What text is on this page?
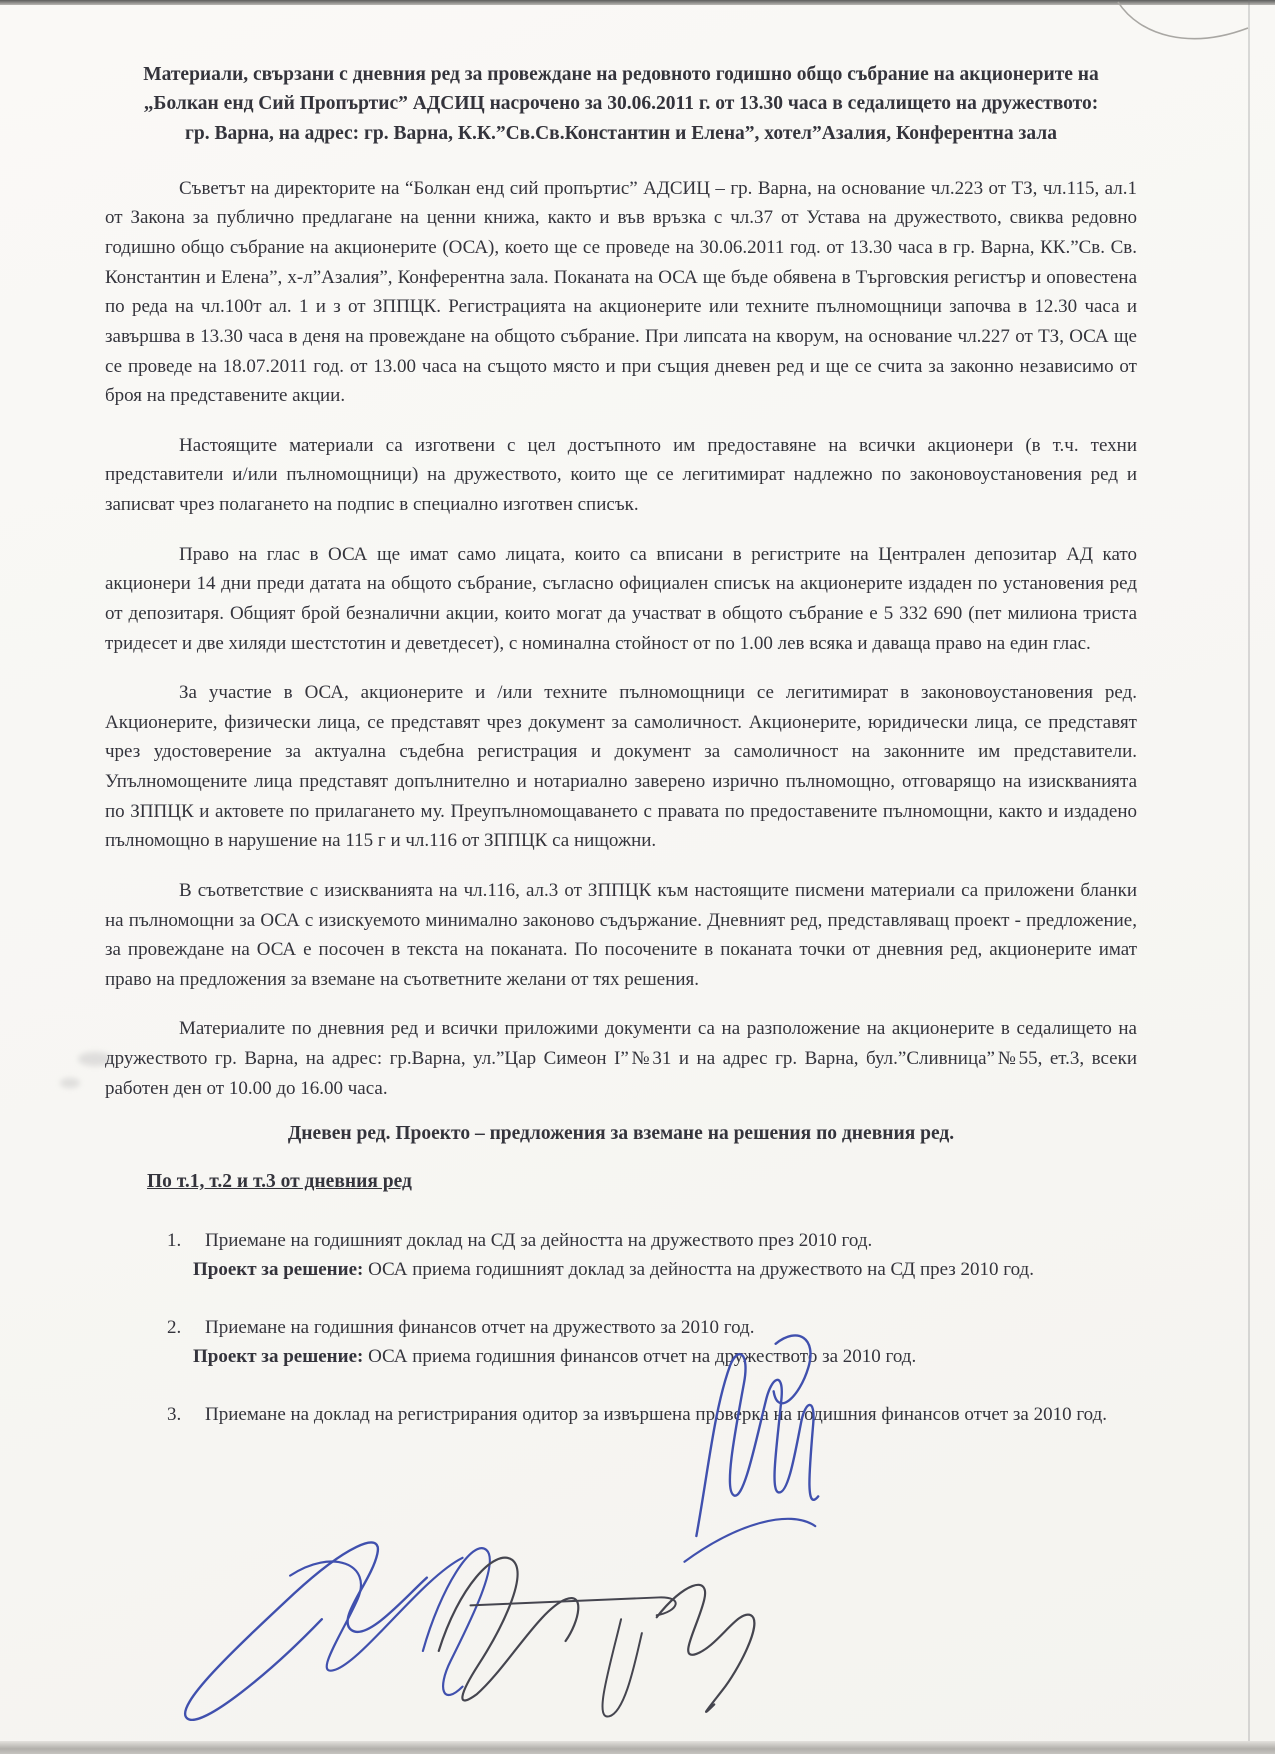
Материали, свързани с дневния ред за провеждане на редовното годишно общо събрание на акционерите на „Болкан енд Сий Пропъртис” АДСИЦ насрочено за 30.06.2011 г. от 13.30 часа в седалището на дружеството: гр. Варна, на адрес: гр. Варна, К.К.”Св.Св.Константин и Елена”, хотел”Азалия, Конферентна зала

Съветът на директорите на “Болкан енд сий пропъртис” АДСИЦ – гр. Варна, на основание чл.223 от ТЗ, чл.115, ал.1 от Закона за публично предлагане на ценни книжа, както и във връзка с чл.37 от Устава на дружеството, свиква редовно годишно общо събрание на акционерите (ОСА), което ще се проведе на 30.06.2011 год. от 13.30 часа в гр. Варна, КК.”Св. Св. Константин и Елена”, х-л”Азалия”, Конферентна зала. Поканата на ОСА ще бъде обявена в Търговския регистър и оповестена по реда на чл.100т ал. 1 и з от ЗППЦК. Регистрацията на акционерите или техните пълномощници започва в 12.30 часа и завършва в 13.30 часа в деня на провеждане на общото събрание. При липсата на кворум, на основание чл.227 от ТЗ, ОСА ще се проведе на 18.07.2011 год. от 13.00 часа на същото място и при същия дневен ред и ще се счита за законно независимо от броя на представените акции.

Настоящите материали са изготвени с цел достъпното им предоставяне на всички акционери (в т.ч. техни представители и/или пълномощници) на дружеството, които ще се легитимират надлежно по законовоустановения ред и записват чрез полагането на подпис в специално изготвен списък.

Право на глас в ОСА ще имат само лицата, които са вписани в регистрите на Централен депозитар АД като акционери 14 дни преди датата на общото събрание, съгласно официален списък на акционерите издаден по установения ред от депозитаря. Общият брой безналични акции, които могат да участват в общото събрание е 5 332 690 (пет милиона триста тридесет и две хиляди шестстотин и деветдесет), с номинална стойност от по 1.00 лев всяка и даваща право на един глас.

За участие в ОСА, акционерите и /или техните пълномощници се легитимират в законовоустановения ред. Акционерите, физически лица, се представят чрез документ за самоличност. Акционерите, юридически лица, се представят чрез удостоверение за актуална съдебна регистрация и документ за самоличност на законните им представители. Упълномощените лица представят допълнително и нотариално заверено изрично пълномощно, отговарящо на изискванията по ЗППЦК и актовете по прилагането му. Преупълномощаването с правата по предоставените пълномощни, както и издадено пълномощно в нарушение на 115 г и чл.116 от ЗППЦК са нищожни.

В съответствие с изискванията на чл.116, ал.3 от ЗППЦК към настоящите писмени материали са приложени бланки на пълномощни за ОСА с изискуемото минимално законово съдържание. Дневният ред, представляващ проект - предложение, за провеждане на ОСА е посочен в текста на поканата. По посочените в поканата точки от дневния ред, акционерите имат право на предложения за вземане на съответните желани от тях решения.

Материалите по дневния ред и всички приложими документи са на разположение на акционерите в седалището на дружеството гр. Варна, на адрес: гр.Варна, ул.”Цар Симеон I”№31 и на адрес гр. Варна, бул.”Сливница”№55, ет.3, всеки работен ден от 10.00 до 16.00 часа.

Дневен ред. Проекто – предложения за вземане на решения по дневния ред.
По т.1, т.2 и т.3 от дневния ред
1. Приемане на годишният доклад на СД за дейността на дружеството през 2010 год.
Проект за решение: ОСА приема годишният доклад за дейността на дружеството на СД през 2010 год.
2. Приемане на годишния финансов отчет на дружеството за 2010 год.
Проект за решение: ОСА приема годишния финансов отчет на дружеството за 2010 год.
3. Приемане на доклад на регистрирания одитор за извършена проверка на годишния финансов отчет за 2010 год.
